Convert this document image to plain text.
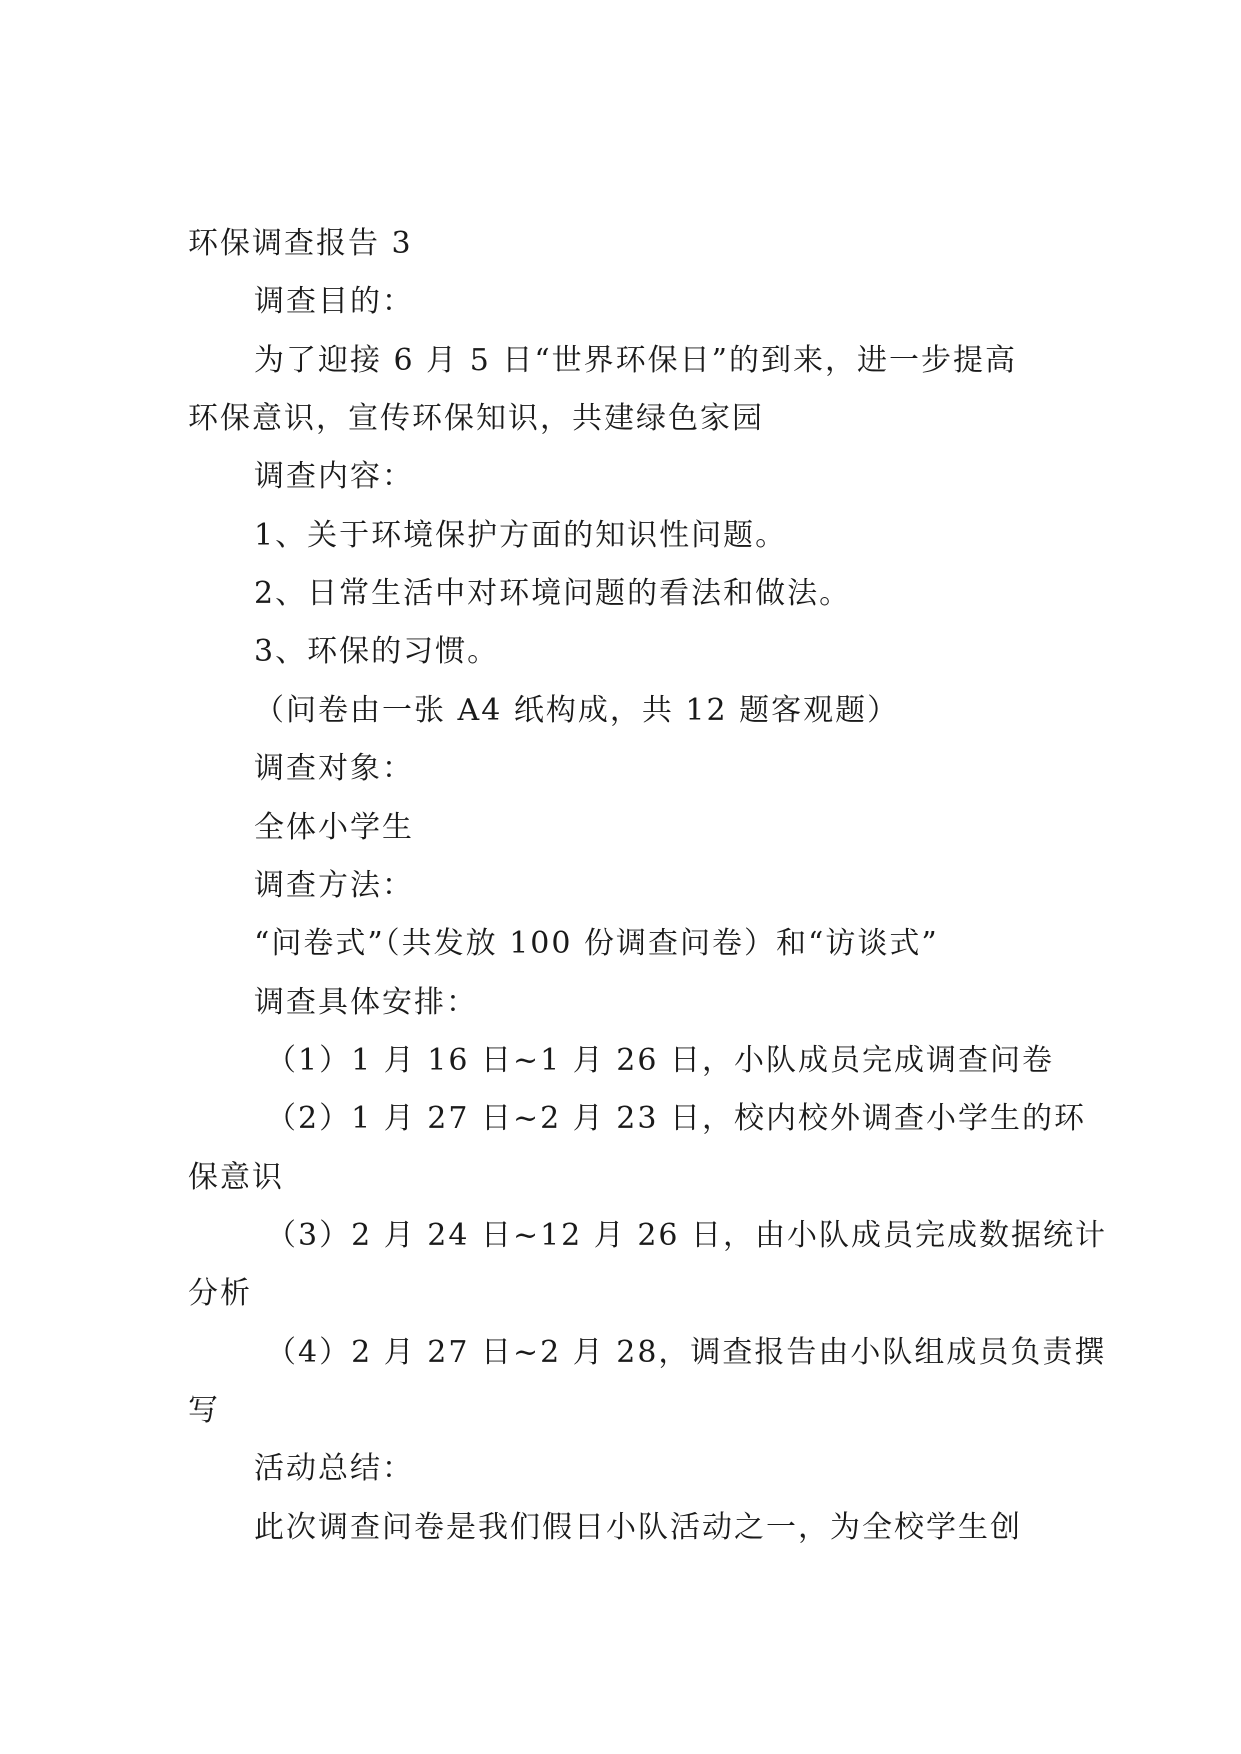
环保调查报告 3
调查目的：
为了迎接 6 月 5 日“世界环保日”的到来，进一步提高
环保意识，宣传环保知识，共建绿色家园
调查内容：
1、关于环境保护方面的知识性问题。
2、日常生活中对环境问题的看法和做法。
3、环保的习惯。
（问卷由一张 A4 纸构成，共 12 题客观题）
调查对象：
全体小学生
调查方法：
“问卷式”（共发放 100 份调查问卷）和“访谈式”
调查具体安排：
（1）1 月 16 日~1 月 26 日，小队成员完成调查问卷
（2）1 月 27 日~2 月 23 日，校内校外调查小学生的环
保意识
（3）2 月 24 日~12 月 26 日，由小队成员完成数据统计
分析
（4）2 月 27 日~2 月 28，调查报告由小队组成员负责撰
写
活动总结：
此次调查问卷是我们假日小队活动之一，为全校学生创
